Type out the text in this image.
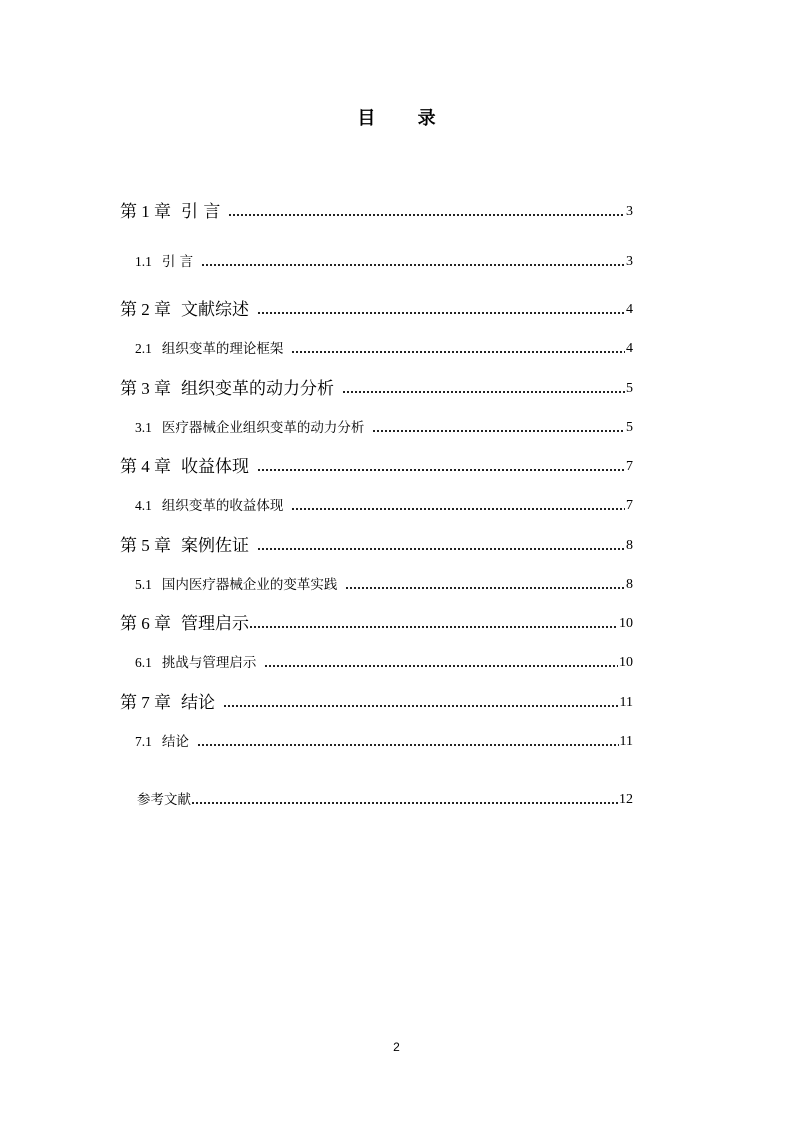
目 录
第 1 章 引 言	3
1.1 引 言	3
第 2 章 文献综述	4
2.1 组织变革的理论框架	4
第 3 章 组织变革的动力分析	5
3.1 医疗器械企业组织变革的动力分析	5
第 4 章 收益体现	7
4.1 组织变革的收益体现	7
第 5 章 案例佐证	8
5.1 国内医疗器械企业的变革实践	8
第 6 章 管理启示	10
6.1 挑战与管理启示	10
第 7 章 结论	11
7.1 结论	11
参考文献	12
2
